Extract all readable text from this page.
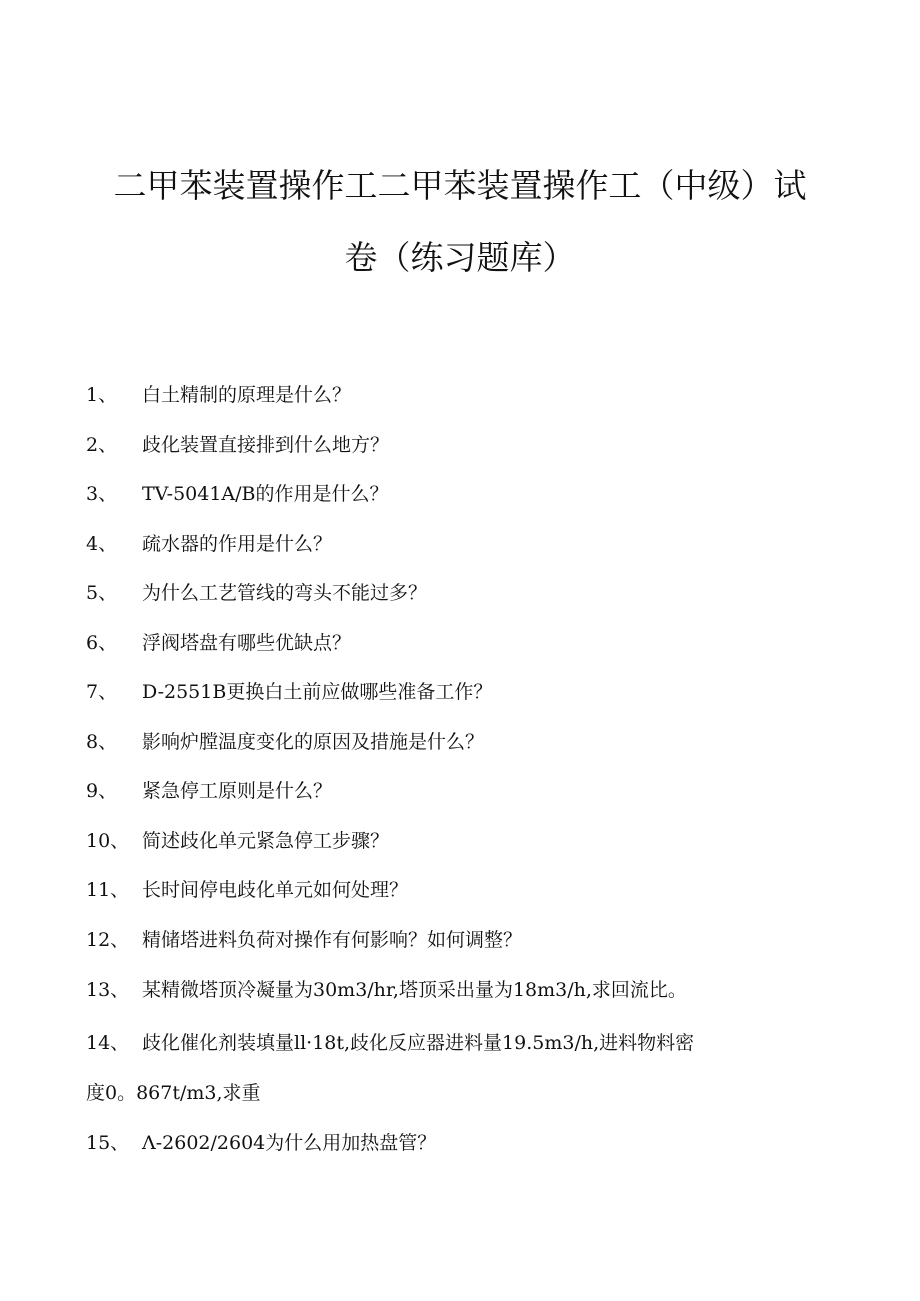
二甲苯装置操作工二甲苯装置操作工（中级）试
卷（练习题库）
1、	白土精制的原理是什么？
2、	歧化装置直接排到什么地方？
3、	TV-5041A/B的作用是什么？
4、	疏水器的作用是什么？
5、	为什么工艺管线的弯头不能过多？
6、	浮阀塔盘有哪些优缺点？
7、	D-2551B更换白土前应做哪些准备工作？
8、	影响炉膛温度变化的原因及措施是什么？
9、	紧急停工原则是什么？
10、 简述歧化单元紧急停工步骤？
11、 长时间停电歧化单元如何处理？
12、 精储塔进料负荷对操作有何影响？如何调整？
13、 某精微塔顶冷凝量为30m3/hr,塔顶采出量为18m3/h,求回流比。
14、 歧化催化剂装填量ll·18t,歧化反应器进料量19.5m3/h,进料物料密
度0。867t/m3,求重
15、 Λ-2602/2604为什么用加热盘管？
